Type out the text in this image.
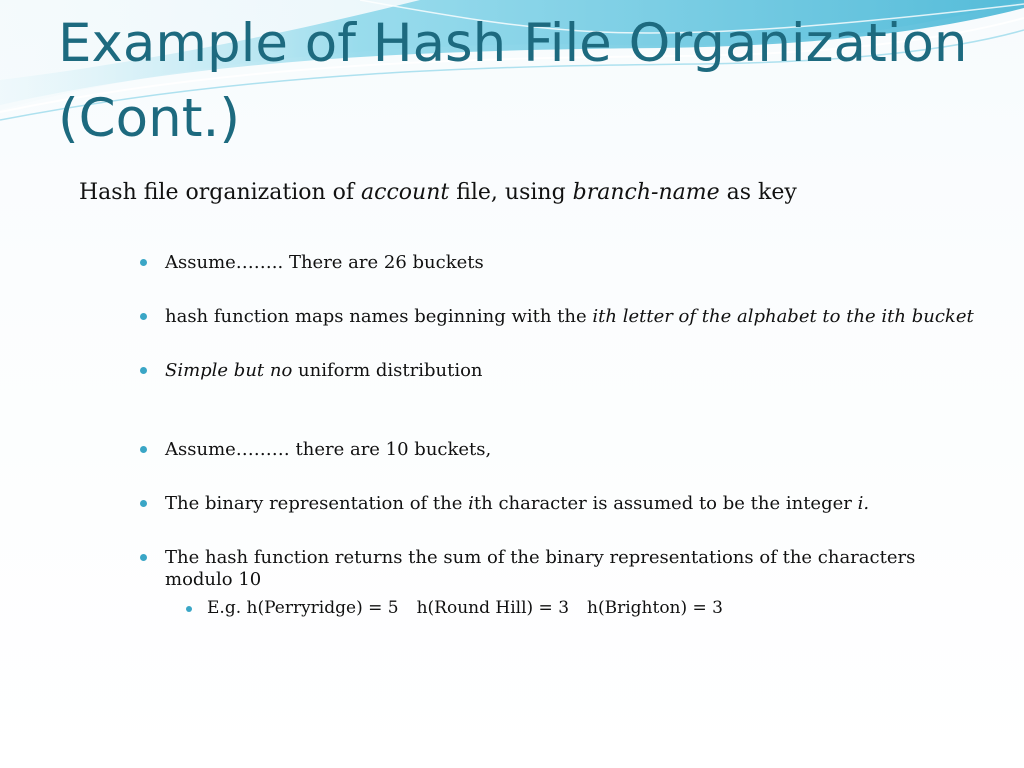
Example of Hash File Organization (Cont.)

Hash file organization of account file, using branch-name as key

Assume…….. There are 26 buckets
hash function maps names beginning with the ith letter of the alphabet to the ith bucket
Simple but no uniform distribution
Assume……… there are 10 buckets,
The binary representation of the ith character is assumed to be the integer i.
The hash function returns the sum of the binary representations of the characters modulo 10
E.g. h(Perryridge) = 5 h(Round Hill) = 3 h(Brighton) = 3
